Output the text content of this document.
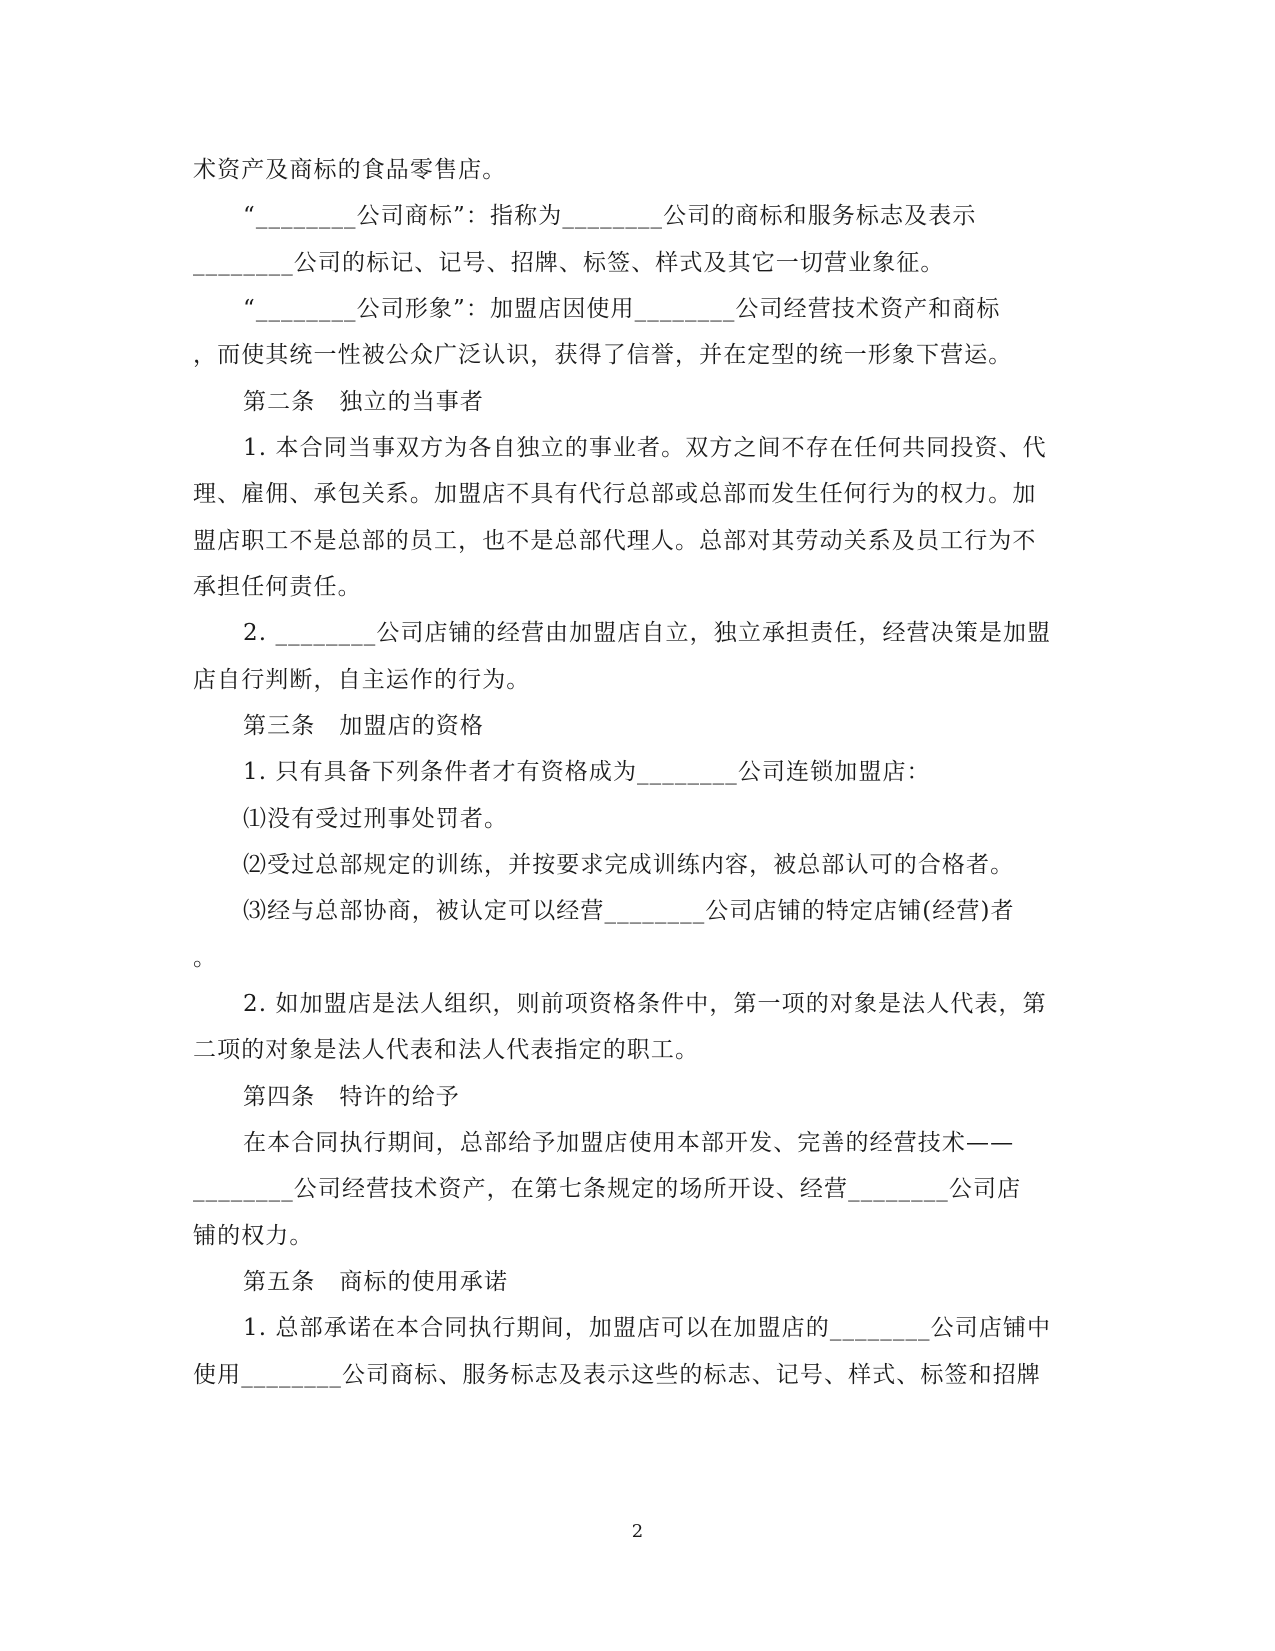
术资产及商标的食品零售店。
“________公司商标”：指称为________公司的商标和服务标志及表示
________公司的标记、记号、招牌、标签、样式及其它一切营业象征。
“________公司形象”：加盟店因使用________公司经营技术资产和商标
，而使其统一性被公众广泛认识，获得了信誉，并在定型的统一形象下营运。
第二条　独立的当事者
1. 本合同当事双方为各自独立的事业者。双方之间不存在任何共同投资、代
理、雇佣、承包关系。加盟店不具有代行总部或总部而发生任何行为的权力。加
盟店职工不是总部的员工，也不是总部代理人。总部对其劳动关系及员工行为不
承担任何责任。
2. ________公司店铺的经营由加盟店自立，独立承担责任，经营决策是加盟
店自行判断，自主运作的行为。
第三条　加盟店的资格
1. 只有具备下列条件者才有资格成为________公司连锁加盟店：
⑴没有受过刑事处罚者。
⑵受过总部规定的训练，并按要求完成训练内容，被总部认可的合格者。
⑶经与总部协商，被认定可以经营________公司店铺的特定店铺(经营)者
。
2. 如加盟店是法人组织，则前项资格条件中，第一项的对象是法人代表，第
二项的对象是法人代表和法人代表指定的职工。
第四条　特许的给予
在本合同执行期间，总部给予加盟店使用本部开发、完善的经营技术——
________公司经营技术资产，在第七条规定的场所开设、经营________公司店
铺的权力。
第五条　商标的使用承诺
1. 总部承诺在本合同执行期间，加盟店可以在加盟店的________公司店铺中
使用________公司商标、服务标志及表示这些的标志、记号、样式、标签和招牌
2
